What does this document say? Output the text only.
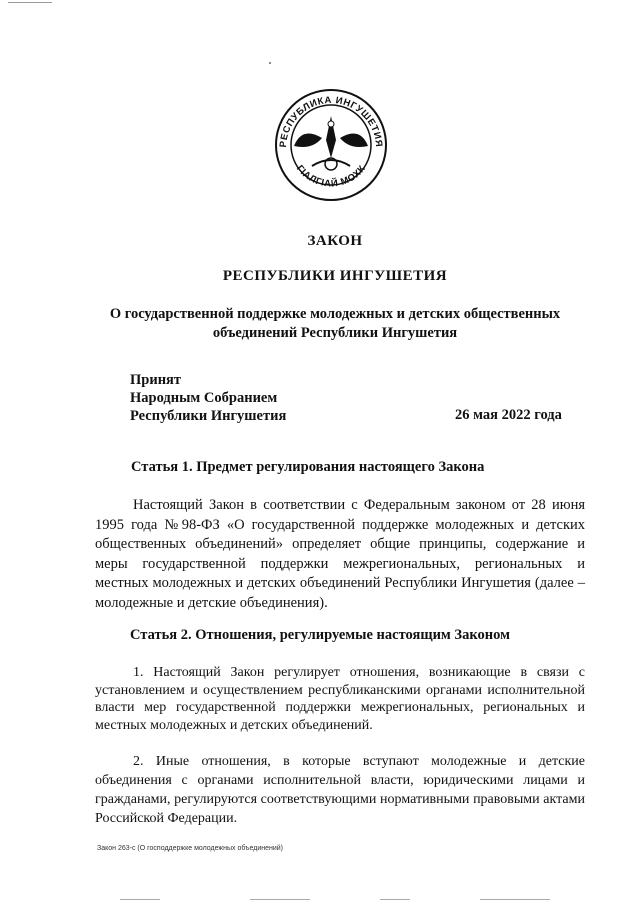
РЕСПУБЛИКА ИНГУШЕТИЯ
ГIАЛГIАЙ МОХК
ЗАКОН
РЕСПУБЛИКИ ИНГУШЕТИЯ
О государственной поддержке молодежных и детских общественных объединений Республики Ингушетия
Принят
Народным Собранием
Республики Ингушетия	26 мая 2022 года
Статья 1. Предмет регулирования настоящего Закона
Настоящий Закон в соответствии с Федеральным законом от 28 июня 1995 года №98-ФЗ «О государственной поддержке молодежных и детских общественных объединений» определяет общие принципы, содержание и меры государственной поддержки межрегиональных, региональных и местных молодежных и детских объединений Республики Ингушетия (далее – молодежные и детские объединения).
Статья 2. Отношения, регулируемые настоящим Законом
1. Настоящий Закон регулирует отношения, возникающие в связи с установлением и осуществлением республиканскими органами исполнительной власти мер государственной поддержки межрегиональных, региональных и местных молодежных и детских объединений.
2. Иные отношения, в которые вступают молодежные и детские объединения с органами исполнительной власти, юридическими лицами и гражданами, регулируются соответствующими нормативными правовыми актами Российской Федерации.
Закон 263-с (О господдержке молодежных объединений)
